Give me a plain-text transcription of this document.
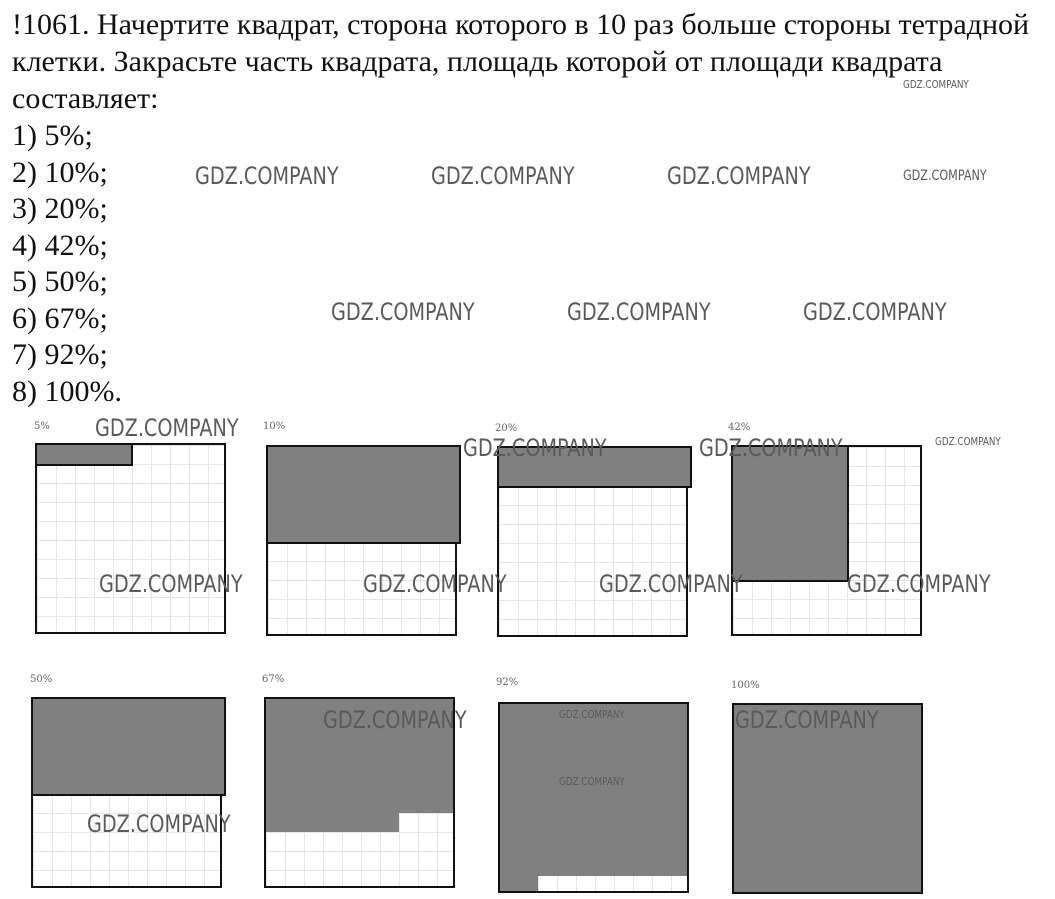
!1061. Начертите квадрат, сторона которого в 10 раз больше стороны тетрадной клетки. Закрасьте часть квадрата, площадь которой от площади квадрата составляет:

1) 5%;
2) 10%;
3) 20%;
4) 42%;
5) 50%;
6) 67%;
7) 92%;
8) 100%.
5%	10%	20%	42%
50%	67%	92%	100%
GDZ.COMPANY
GDZ.COMPANY	GDZ.COMPANY	GDZ.COMPANY	GDZ.COMPANY
GDZ.COMPANY	GDZ.COMPANY	GDZ.COMPANY
GDZ.COMPANY
GDZ.COMPANY	GDZ.COMPANY	GDZ.COMPANY
GDZ.COMPANY	GDZ.COMPANY	GDZ.COMPANY	GDZ.COMPANY
GDZ.COMPANY	GDZ.COMPANY	GDZ.COMPANY
GDZ.COMPANY
GDZ.COMPANY
